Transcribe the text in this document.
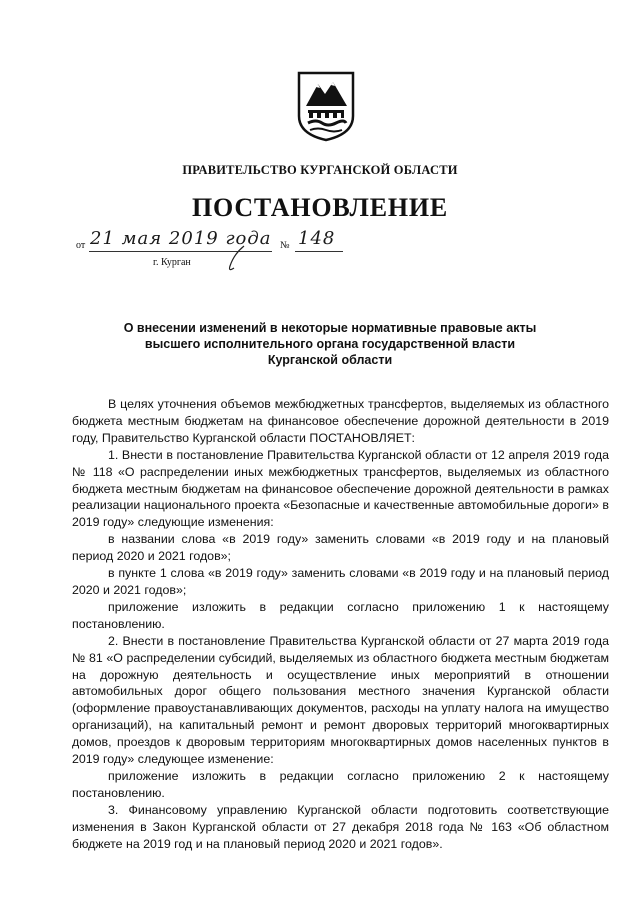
ПРАВИТЕЛЬСТВО КУРГАНСКОЙ ОБЛАСТИ
ПОСТАНОВЛЕНИЕ
от 21 мая 2019 года № 148
г. Курган
О внесении изменений в некоторые нормативные правовые акты
высшего исполнительного органа государственной власти
Курганской области

В целях уточнения объемов межбюджетных трансфертов, выделяемых из областного бюджета местным бюджетам на финансовое обеспечение дорожной деятельности в 2019 году, Правительство Курганской области ПОСТАНОВЛЯЕТ:

1. Внести в постановление Правительства Курганской области от 12 апреля 2019 года № 118 «О распределении иных межбюджетных трансфертов, выделяемых из областного бюджета местным бюджетам на финансовое обеспечение дорожной деятельности в рамках реализации национального проекта «Безопасные и качественные автомобильные дороги» в 2019 году» следующие изменения:

в названии слова «в 2019 году» заменить словами «в 2019 году и на плановый период 2020 и 2021 годов»;

в пункте 1 слова «в 2019 году» заменить словами «в 2019 году и на плановый период 2020 и 2021 годов»;

приложение изложить в редакции согласно приложению 1 к настоящему постановлению.

2. Внести в постановление Правительства Курганской области от 27 марта 2019 года № 81 «О распределении субсидий, выделяемых из областного бюджета местным бюджетам на дорожную деятельность и осуществление иных мероприятий в отношении автомобильных дорог общего пользования местного значения Курганской области (оформление правоустанавливающих документов, расходы на уплату налога на имущество организаций), на капитальный ремонт и ремонт дворовых территорий многоквартирных домов, проездов к дворовым территориям многоквартирных домов населенных пунктов в 2019 году» следующее изменение:

приложение изложить в редакции согласно приложению 2 к настоящему постановлению.

3. Финансовому управлению Курганской области подготовить соответствующие изменения в Закон Курганской области от 27 декабря 2018 года № 163 «Об областном бюджете на 2019 год и на плановый период 2020 и 2021 годов».
